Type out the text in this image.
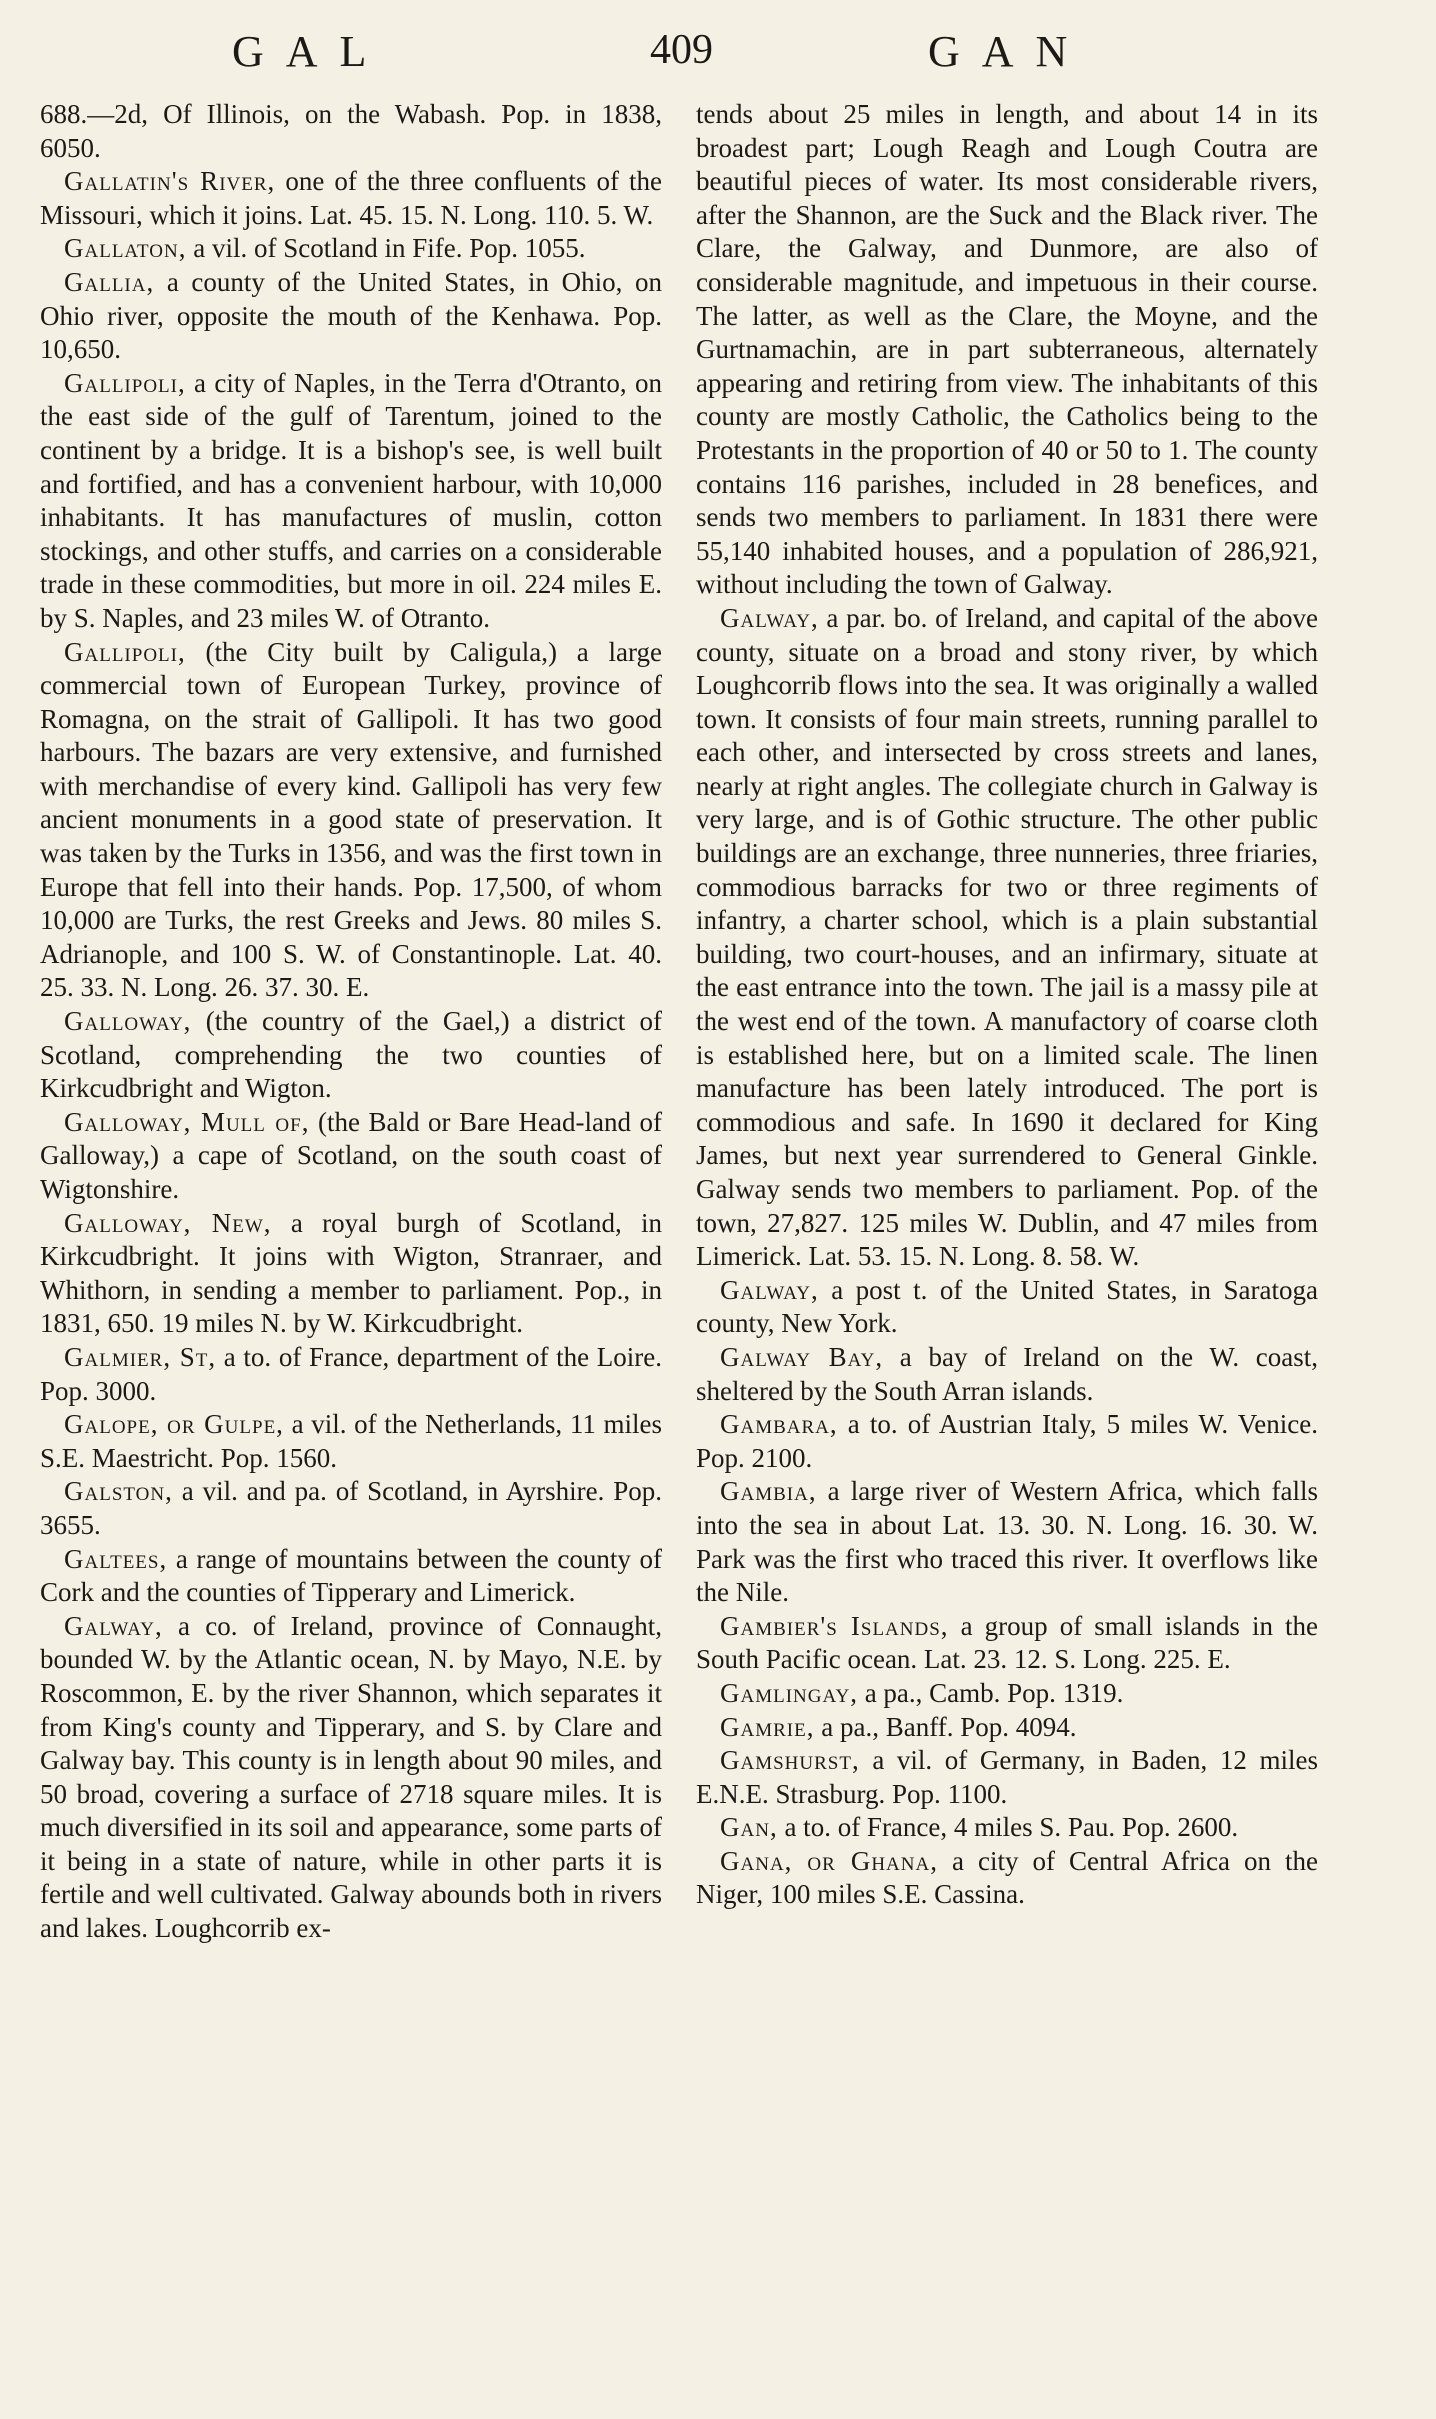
GAL	409	GAN

688.—2d, Of Illinois, on the Wabash. Pop. in 1838, 6050.

Gallatin's River, one of the three confluents of the Missouri, which it joins. Lat. 45. 15. N. Long. 110. 5. W.

Gallaton, a vil. of Scotland in Fife. Pop. 1055.

Gallia, a county of the United States, in Ohio, on Ohio river, opposite the mouth of the Kenhawa. Pop. 10,650.

Gallipoli, a city of Naples, in the Terra d'Otranto, on the east side of the gulf of Tarentum, joined to the continent by a bridge. It is a bishop's see, is well built and fortified, and has a convenient harbour, with 10,000 inhabitants. It has manufactures of muslin, cotton stockings, and other stuffs, and carries on a considerable trade in these commodities, but more in oil. 224 miles E. by S. Naples, and 23 miles W. of Otranto.

Gallipoli, (the City built by Caligula,) a large commercial town of European Turkey, province of Romagna, on the strait of Gallipoli. It has two good harbours. The bazars are very extensive, and furnished with merchandise of every kind. Gallipoli has very few ancient monuments in a good state of preservation. It was taken by the Turks in 1356, and was the first town in Europe that fell into their hands. Pop. 17,500, of whom 10,000 are Turks, the rest Greeks and Jews. 80 miles S. Adrianople, and 100 S. W. of Constantinople. Lat. 40. 25. 33. N. Long. 26. 37. 30. E.

Galloway, (the country of the Gael,) a district of Scotland, comprehending the two counties of Kirkcudbright and Wigton.

Galloway, Mull of, (the Bald or Bare Head-land of Galloway,) a cape of Scotland, on the south coast of Wigtonshire.

Galloway, New, a royal burgh of Scotland, in Kirkcudbright. It joins with Wigton, Stranraer, and Whithorn, in sending a member to parliament. Pop., in 1831, 650. 19 miles N. by W. Kirkcudbright.

Galmier, St, a to. of France, department of the Loire. Pop. 3000.

Galope, or Gulpe, a vil. of the Netherlands, 11 miles S.E. Maestricht. Pop. 1560.

Galston, a vil. and pa. of Scotland, in Ayrshire. Pop. 3655.

Galtees, a range of mountains between the county of Cork and the counties of Tipperary and Limerick.

Galway, a co. of Ireland, province of Connaught, bounded W. by the Atlantic ocean, N. by Mayo, N.E. by Roscommon, E. by the river Shannon, which separates it from King's county and Tipperary, and S. by Clare and Galway bay. This county is in length about 90 miles, and 50 broad, covering a surface of 2718 square miles. It is much diversified in its soil and appearance, some parts of it being in a state of nature, while in other parts it is fertile and well cultivated. Galway abounds both in rivers and lakes. Loughcorrib ex-

tends about 25 miles in length, and about 14 in its broadest part; Lough Reagh and Lough Coutra are beautiful pieces of water. Its most considerable rivers, after the Shannon, are the Suck and the Black river. The Clare, the Galway, and Dunmore, are also of considerable magnitude, and impetuous in their course. The latter, as well as the Clare, the Moyne, and the Gurtnamachin, are in part subterraneous, alternately appearing and retiring from view. The inhabitants of this county are mostly Catholic, the Catholics being to the Protestants in the proportion of 40 or 50 to 1. The county contains 116 parishes, included in 28 benefices, and sends two members to parliament. In 1831 there were 55,140 inhabited houses, and a population of 286,921, without including the town of Galway.

Galway, a par. bo. of Ireland, and capital of the above county, situate on a broad and stony river, by which Loughcorrib flows into the sea. It was originally a walled town. It consists of four main streets, running parallel to each other, and intersected by cross streets and lanes, nearly at right angles. The collegiate church in Galway is very large, and is of Gothic structure. The other public buildings are an exchange, three nunneries, three friaries, commodious barracks for two or three regiments of infantry, a charter school, which is a plain substantial building, two court-houses, and an infirmary, situate at the east entrance into the town. The jail is a massy pile at the west end of the town. A manufactory of coarse cloth is established here, but on a limited scale. The linen manufacture has been lately introduced. The port is commodious and safe. In 1690 it declared for King James, but next year surrendered to General Ginkle. Galway sends two members to parliament. Pop. of the town, 27,827. 125 miles W. Dublin, and 47 miles from Limerick. Lat. 53. 15. N. Long. 8. 58. W.

Galway, a post t. of the United States, in Saratoga county, New York.

Galway Bay, a bay of Ireland on the W. coast, sheltered by the South Arran islands.

Gambara, a to. of Austrian Italy, 5 miles W. Venice. Pop. 2100.

Gambia, a large river of Western Africa, which falls into the sea in about Lat. 13. 30. N. Long. 16. 30. W. Park was the first who traced this river. It overflows like the Nile.

Gambier's Islands, a group of small islands in the South Pacific ocean. Lat. 23. 12. S. Long. 225. E.

Gamlingay, a pa., Camb. Pop. 1319.

Gamrie, a pa., Banff. Pop. 4094.

Gamshurst, a vil. of Germany, in Baden, 12 miles E.N.E. Strasburg. Pop. 1100.

Gan, a to. of France, 4 miles S. Pau. Pop. 2600.

Gana, or Ghana, a city of Central Africa on the Niger, 100 miles S.E. Cassina.
